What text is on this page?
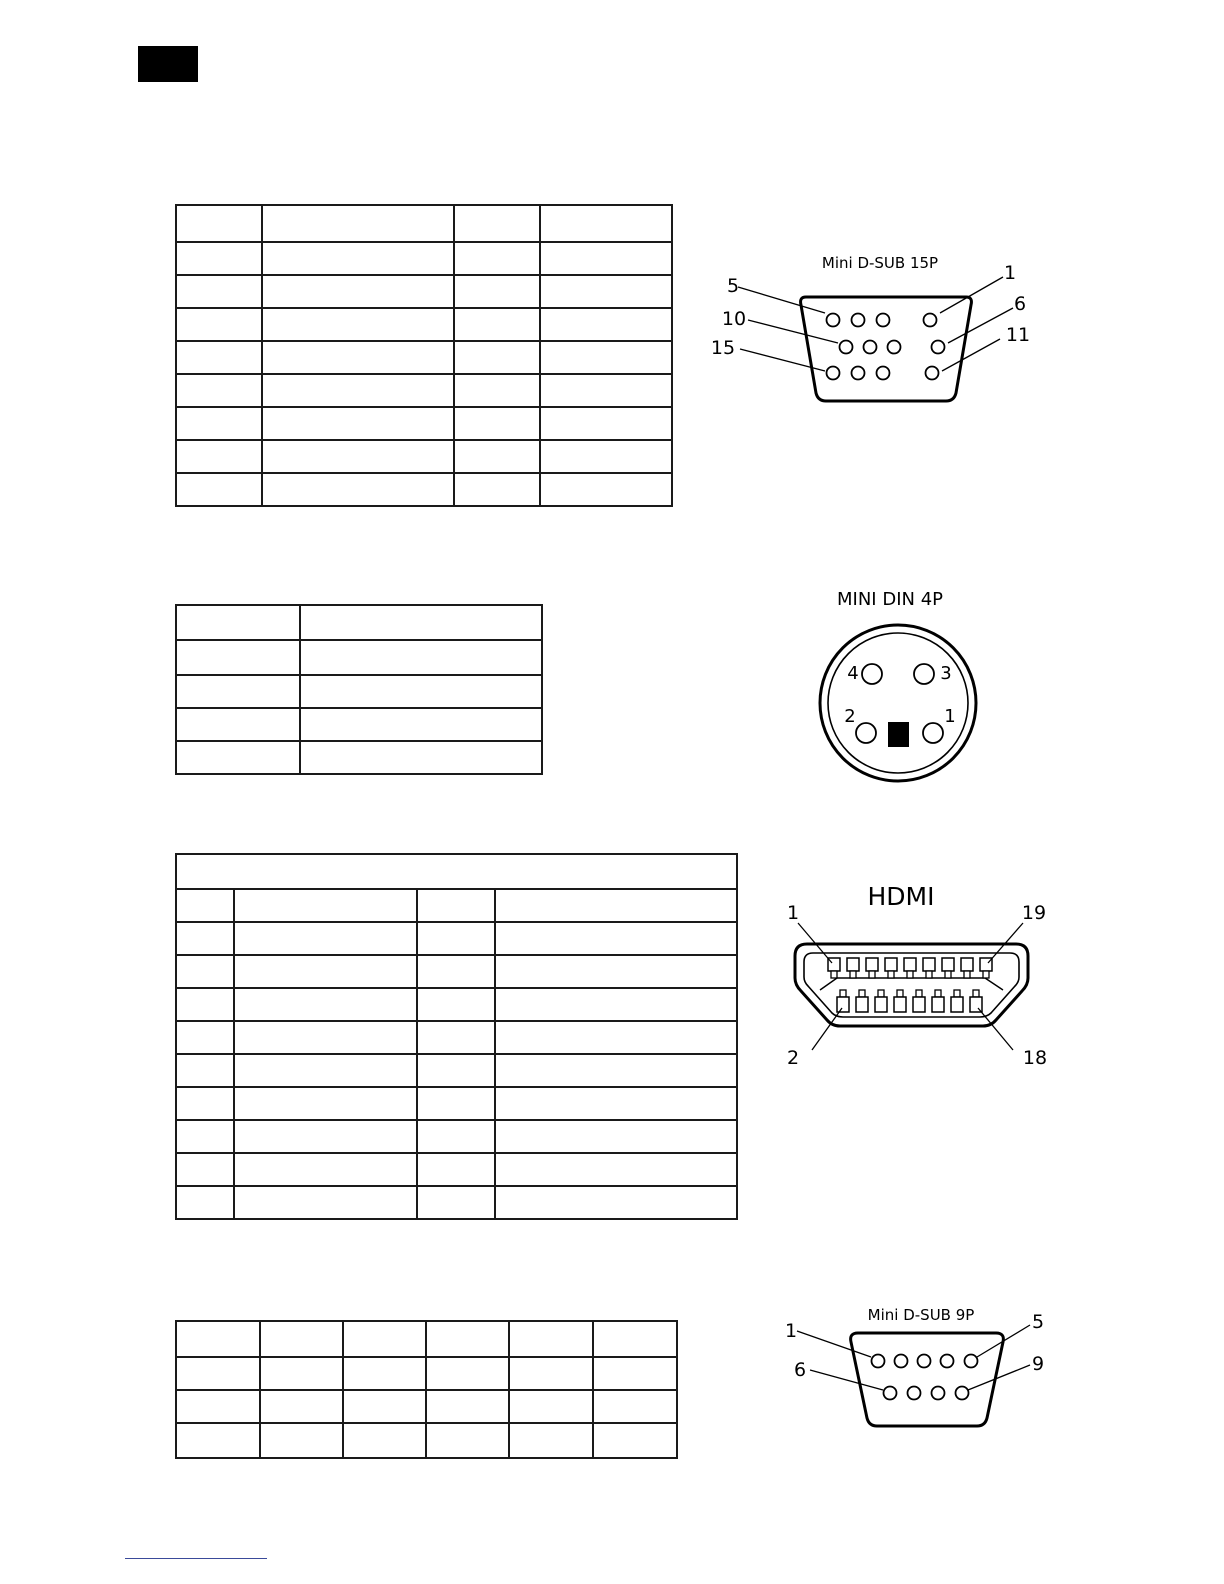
Mini D-SUB 15P
5
10
15
1
6
11

MINI DIN 4P
4	3
2	1

HDMI
1	19
2	18

Mini D-SUB 9P
1
6
5
9
